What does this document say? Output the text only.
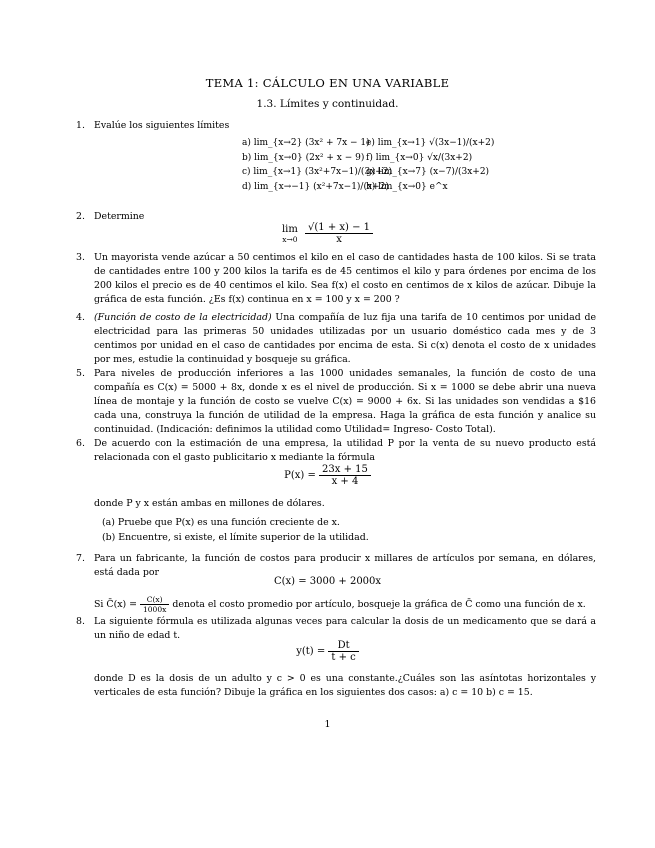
TEMA 1: CÁLCULO EN UNA VARIABLE
1.3. Límites y continuidad.
1. Evalúe los siguientes límites
a) lim_{x→2} (3x² + 7x − 1)
e) lim_{x→1} √(3x−1)/(x+2)
b) lim_{x→0} (2x² + x − 9) f) lim_{x→0} √x/(3x+2)
c) lim_{x→1} (3x²+7x−1)/(3x+2)
g) lim_{x→7} (x−7)/(3x+2)
d) lim_{x→−1} (x²+7x−1)/(x+2)
h) lim_{x→0} e^x
2. Determine
lim
x→0
$\frac{√(1 + x) - 1}{x}$
3. Un mayorista vende azúcar a 50 centimos el kilo en el caso de cantidades hasta de 100 kilos. Si se trata de cantidades entre 100 y 200 kilos la tarifa es de 45 centimos el kilo y para órdenes por encima de los 200 kilos el precio es de 40 centimos el kilo. Sea f(x) el costo en centimos de x kilos de azúcar. Dibuje la gráfica de esta función. ¿Es f(x) continua en x = 100 y x = 200 ?
4. (Función de costo de la electricidad) Una compañía de luz fija una tarifa de 10 centimos por unidad de electricidad para las primeras 50 unidades utilizadas por un usuario doméstico cada mes y de 3 centimos por unidad en el caso de cantidades por encima de esta. Si c(x) denota el costo de x unidades por mes, estudie la continuidad y bosqueje su gráfica.
5. Para niveles de producción inferiores a las 1000 unidades semanales, la función de costo de una compañía es C(x) = 5000 + 8x, donde x es el nivel de producción. Si x = 1000 se debe abrir una nueva línea de montaje y la función de costo se vuelve C(x) = 9000 + 6x. Si las unidades son vendidas a $16 cada una, construya la función de utilidad de la empresa. Haga la gráfica de esta función y analice su continuidad. (Indicación: definimos la utilidad como Utilidad= Ingreso- Costo Total).
6. De acuerdo con la estimación de una empresa, la utilidad P por la venta de su nuevo producto está relacionada con el gasto publicitario x mediante la fórmula
$P(x) = \frac{23x + 15}{x + 4}$
donde P y x están ambas en millones de dólares.
(a) Pruebe que P(x) es una función creciente de x.
(b) Encuentre, si existe, el límite superior de la utilidad.
7. Para un fabricante, la función de costos para producir x millares de artículos por semana, en dólares, está dada por
C(x) = 3000 + 2000x
Si C̄(x) = $\frac{C(x)}{1000x}$ denota el costo promedio por artículo, bosqueje la gráfica de C̄ como una función de x.
8. La siguiente fórmula es utilizada algunas veces para calcular la dosis de un medicamento que se dará a un niño de edad t.
$y(t) = \frac{Dt}{t + c}$
donde D es la dosis de un adulto y c > 0 es una constante.¿Cuáles son las asíntotas horizontales y verticales de esta función? Dibuje la gráfica en los siguientes dos casos: a) c = 10 b) c = 15.
1
